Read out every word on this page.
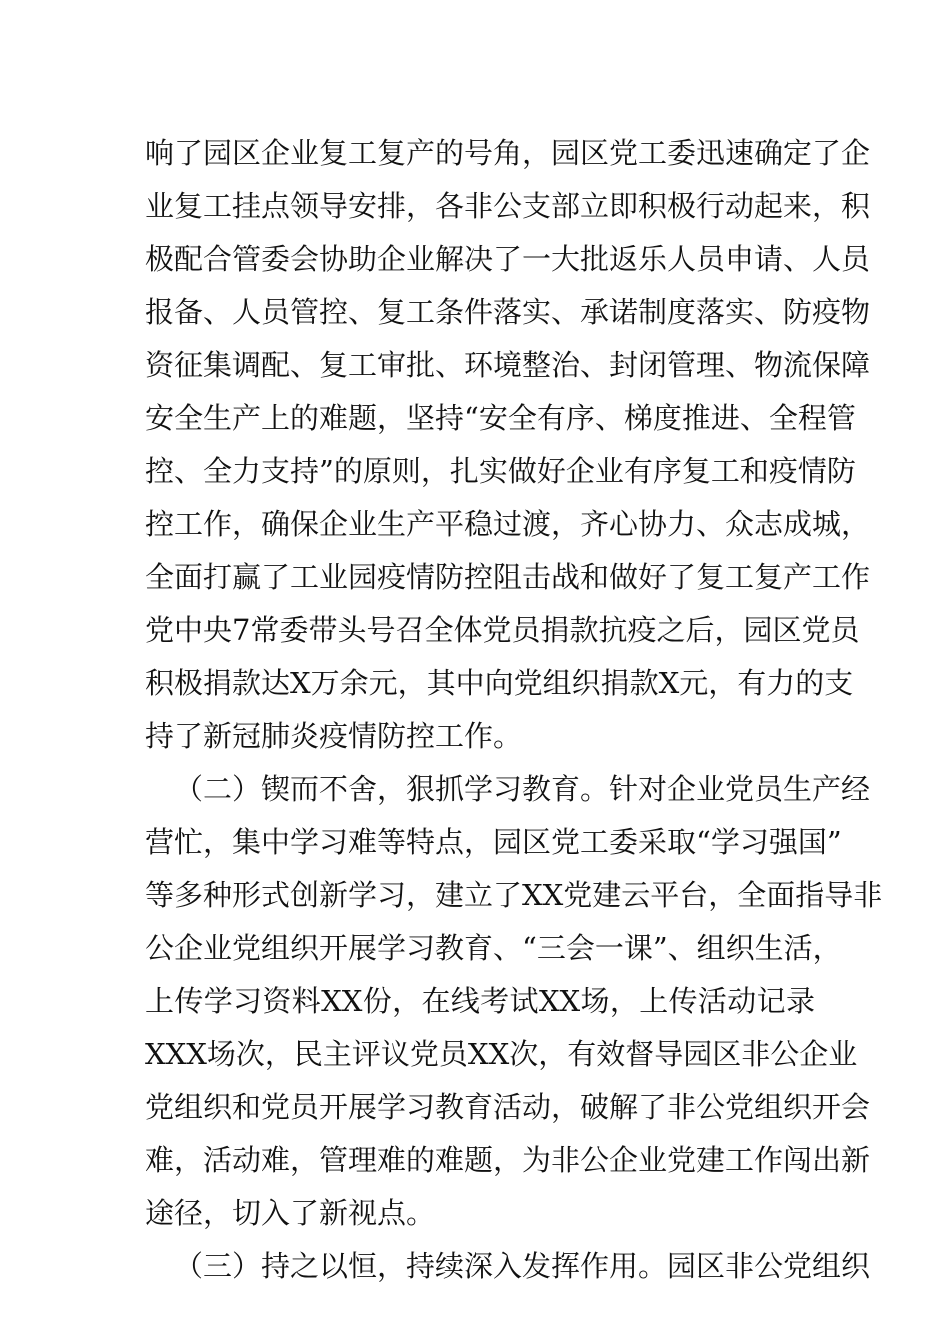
响了园区企业复工复产的号角，园区党工委迅速确定了企
业复工挂点领导安排，各非公支部立即积极行动起来，积
极配合管委会协助企业解决了一大批返乐人员申请、人员
报备、人员管控、复工条件落实、承诺制度落实、防疫物
资征集调配、复工审批、环境整治、封闭管理、物流保障
安全生产上的难题，坚持“安全有序、梯度推进、全程管
控、全力支持”的原则，扎实做好企业有序复工和疫情防
控工作，确保企业生产平稳过渡，齐心协力、众志成城，
全面打赢了工业园疫情防控阻击战和做好了复工复产工作
党中央7常委带头号召全体党员捐款抗疫之后，园区党员
积极捐款达X万余元，其中向党组织捐款X元，有力的支
持了新冠肺炎疫情防控工作。
（二）锲而不舍，狠抓学习教育。针对企业党员生产经
营忙，集中学习难等特点，园区党工委采取“学习强国”
等多种形式创新学习，建立了XX党建云平台，全面指导非
公企业党组织开展学习教育、“三会一课”、组织生活，
上传学习资料XX份，在线考试XX场，上传活动记录
XXX场次，民主评议党员XX次，有效督导园区非公企业
党组织和党员开展学习教育活动，破解了非公党组织开会
难，活动难，管理难的难题，为非公企业党建工作闯出新
途径，切入了新视点。
（三）持之以恒，持续深入发挥作用。园区非公党组织
